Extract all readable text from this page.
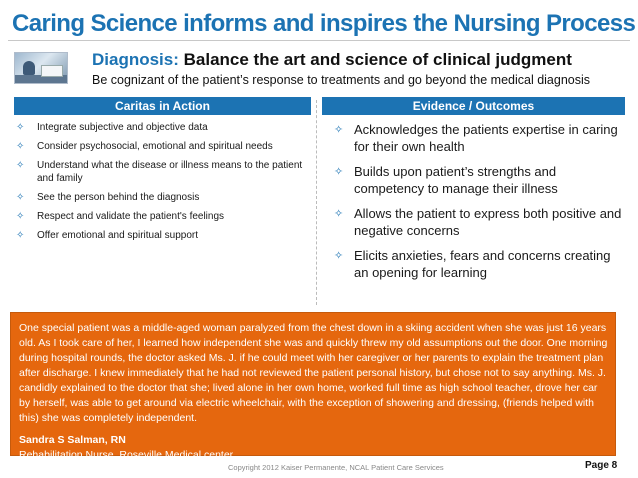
Caring Science informs and inspires the Nursing Process
Diagnosis: Balance the art and science of clinical judgment
Be cognizant of the patient’s response to treatments and go beyond the medical diagnosis
Caritas in Action	Evidence / Outcomes
✧ Integrate subjective and objective data
✧ Consider psychosocial, emotional and spiritual needs
✧ Understand what the disease or illness means to the patient and family
✧ See the person behind the diagnosis
✧ Respect and validate the patient's feelings
✧ Offer emotional and spiritual support
✧ Acknowledges the patients expertise in caring for their own health
✧ Builds upon patient’s strengths and competency to manage their illness
✧ Allows the patient to express both positive and negative concerns
✧ Elicits anxieties, fears and concerns creating an opening for learning

One special patient was a middle-aged woman paralyzed from the chest down in a skiing accident when she was just 16 years old. As I took care of her, I learned how independent she was and quickly threw my old assumptions out the door. One morning during hospital rounds, the doctor asked Ms. J. if he could meet with her caregiver or her parents to explain the treatment plan after discharge. I knew immediately that he had not reviewed the patient personal history, but chose not to say anything. Ms. J. candidly explained to the doctor that she; lived alone in her own home, worked full time as high school teacher, drove her car by herself, was able to get around via electric wheelchair, with the exception of showering and dressing, (friends helped with this) she was completely independent.

Sandra S Salman, RN

Rehabilitation Nurse, Roseville Medical center

Copyright 2012 Kaiser Permanente, NCAL Patient Care Services	Page 8
